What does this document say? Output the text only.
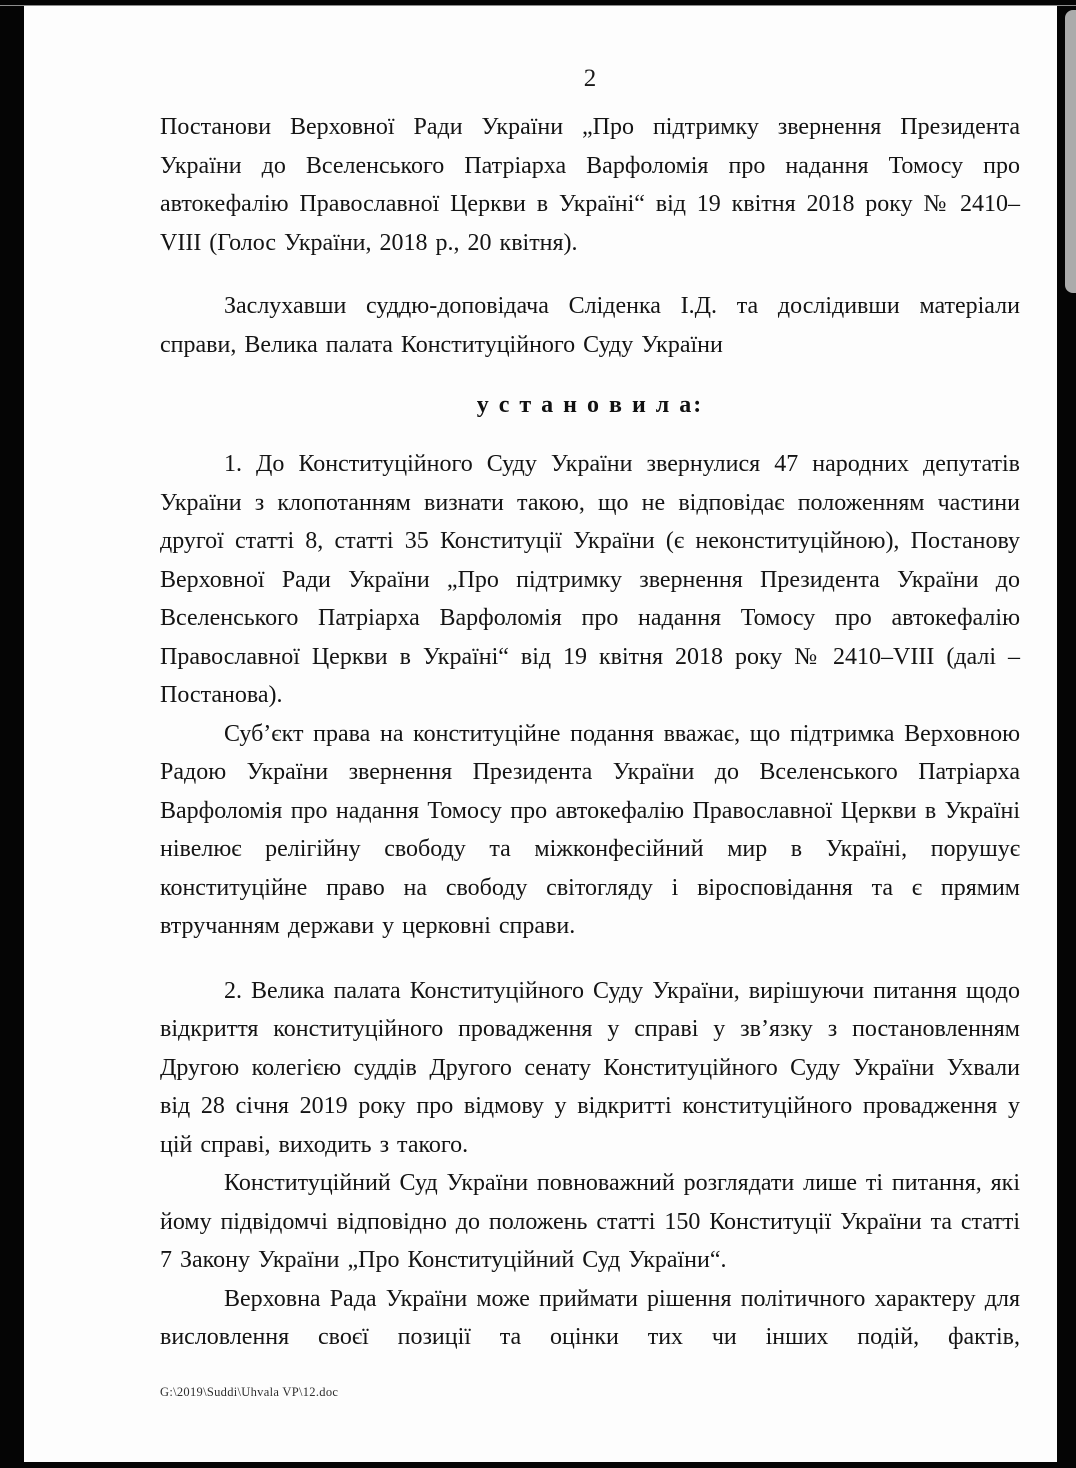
2

Постанови Верховної Ради України „Про підтримку звернення Президента України до Вселенського Патріарха Варфоломія про надання Томосу про автокефалію Православної Церкви в Україні“ від 19 квітня 2018 року № 2410–VIII (Голос України, 2018 р., 20 квітня).

Заслухавши суддю-доповідача Сліденка І.Д. та дослідивши матеріали справи, Велика палата Конституційного Суду України

у с т а н о в и л а:

1. До Конституційного Суду України звернулися 47 народних депутатів України з клопотанням визнати такою, що не відповідає положенням частини другої статті 8, статті 35 Конституції України (є неконституційною), Постанову Верховної Ради України „Про підтримку звернення Президента України до Вселенського Патріарха Варфоломія про надання Томосу про автокефалію Православної Церкви в Україні“ від 19 квітня 2018 року № 2410–VIII (далі – Постанова).

Суб’єкт права на конституційне подання вважає, що підтримка Верховною Радою України звернення Президента України до Вселенського Патріарха Варфоломія про надання Томосу про автокефалію Православної Церкви в Україні нівелює релігійну свободу та міжконфесійний мир в Україні, порушує конституційне право на свободу світогляду і віросповідання та є прямим втручанням держави у церковні справи.

2. Велика палата Конституційного Суду України, вирішуючи питання щодо відкриття конституційного провадження у справі у зв’язку з постановленням Другою колегією суддів Другого сенату Конституційного Суду України Ухвали від 28 січня 2019 року про відмову у відкритті конституційного провадження у цій справі, виходить з такого.

Конституційний Суд України повноважний розглядати лише ті питання, які йому підвідомчі відповідно до положень статті 150 Конституції України та статті 7 Закону України „Про Конституційний Суд України“.

Верховна Рада України може приймати рішення політичного характеру для висловлення своєї позиції та оцінки тих чи інших подій, фактів,

G:\2019\Suddi\Uhvala VP\12.doc
